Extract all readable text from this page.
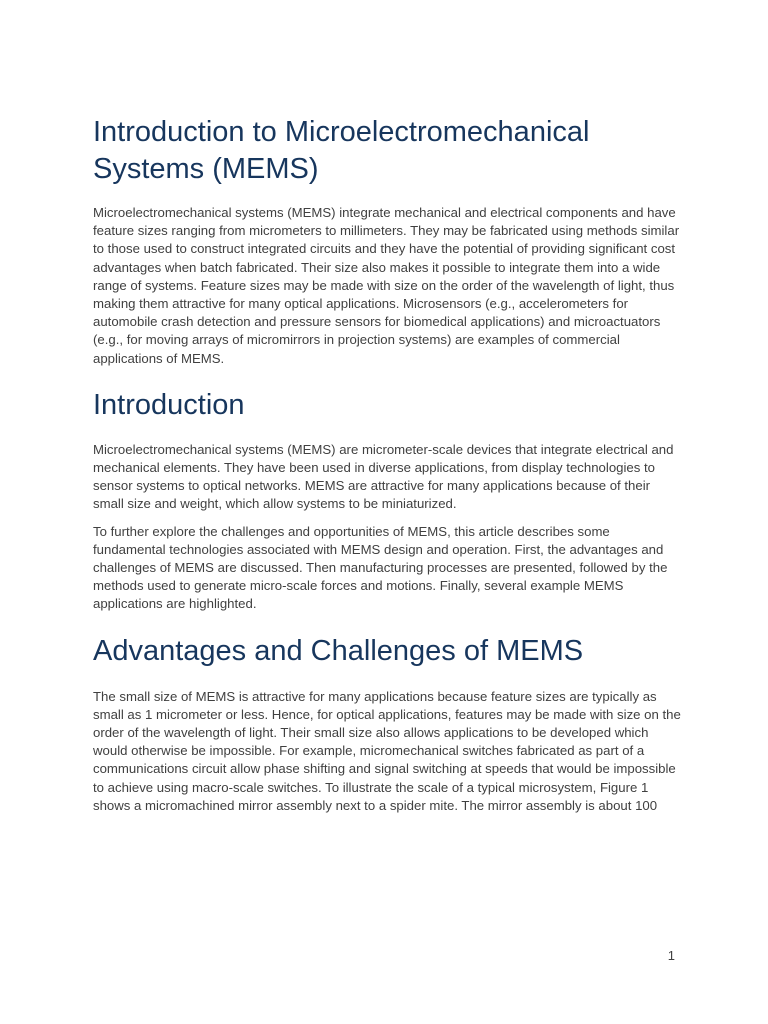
Introduction to Microelectromechanical Systems (MEMS)

Microelectromechanical systems (MEMS) integrate mechanical and electrical components and have feature sizes ranging from micrometers to millimeters. They may be fabricated using methods similar to those used to construct integrated circuits and they have the potential of providing significant cost advantages when batch fabricated. Their size also makes it possible to integrate them into a wide range of systems. Feature sizes may be made with size on the order of the wavelength of light, thus making them attractive for many optical applications. Microsensors (e.g., accelerometers for automobile crash detection and pressure sensors for biomedical applications) and microactuators (e.g., for moving arrays of micromirrors in projection systems) are examples of commercial applications of MEMS.

Introduction

Microelectromechanical systems (MEMS) are micrometer-scale devices that integrate electrical and mechanical elements. They have been used in diverse applications, from display technologies to sensor systems to optical networks. MEMS are attractive for many applications because of their small size and weight, which allow systems to be miniaturized.

To further explore the challenges and opportunities of MEMS, this article describes some fundamental technologies associated with MEMS design and operation. First, the advantages and challenges of MEMS are discussed. Then manufacturing processes are presented, followed by the methods used to generate micro-scale forces and motions. Finally, several example MEMS applications are highlighted.

Advantages and Challenges of MEMS

The small size of MEMS is attractive for many applications because feature sizes are typically as small as 1 micrometer or less. Hence, for optical applications, features may be made with size on the order of the wavelength of light. Their small size also allows applications to be developed which would otherwise be impossible. For example, micromechanical switches fabricated as part of a communications circuit allow phase shifting and signal switching at speeds that would be impossible to achieve using macro-scale switches. To illustrate the scale of a typical microsystem, Figure 1 shows a micromachined mirror assembly next to a spider mite. The mirror assembly is about 100

1
